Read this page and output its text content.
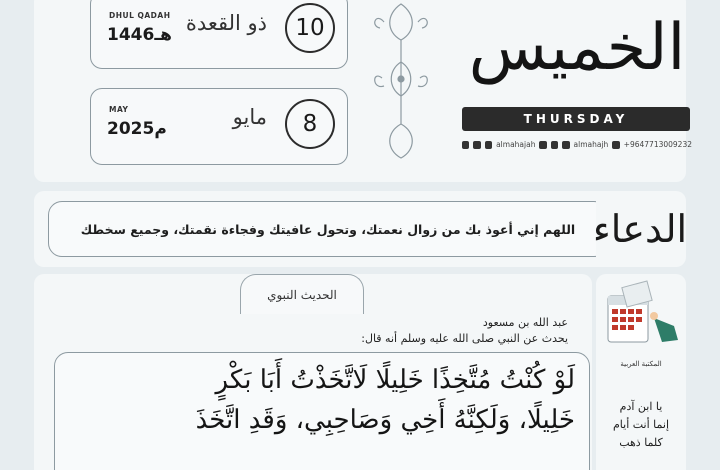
DHUL QADAH
1446هـ ذو القعدة	10
MAY
2025م	مايو	8
الخميس
THURSDAY
almahajah	almahajh +9647713009232
اللهم إني أعوذ بك من زوال نعمتك، وتحول عافيتك وفجاءة نقمتك، وجميع سخطك الدعاء
الحديث النبوي
عبد الله بن مسعود
يحدث عن النبي صلى الله عليه وسلم أنه قال:
لَوْ كُنْتُ مُتَّخِذًا خَلِيلًا لَاتَّخَذْتُ أَبَا بَكْرٍ
خَلِيلًا، وَلَكِنَّهُ أَخِي وَصَاحِبِي، وَقَدِ اتَّخَذَ
المكتبة العربية
يا ابن آدم
إنما أنت أيام
كلما ذهب
